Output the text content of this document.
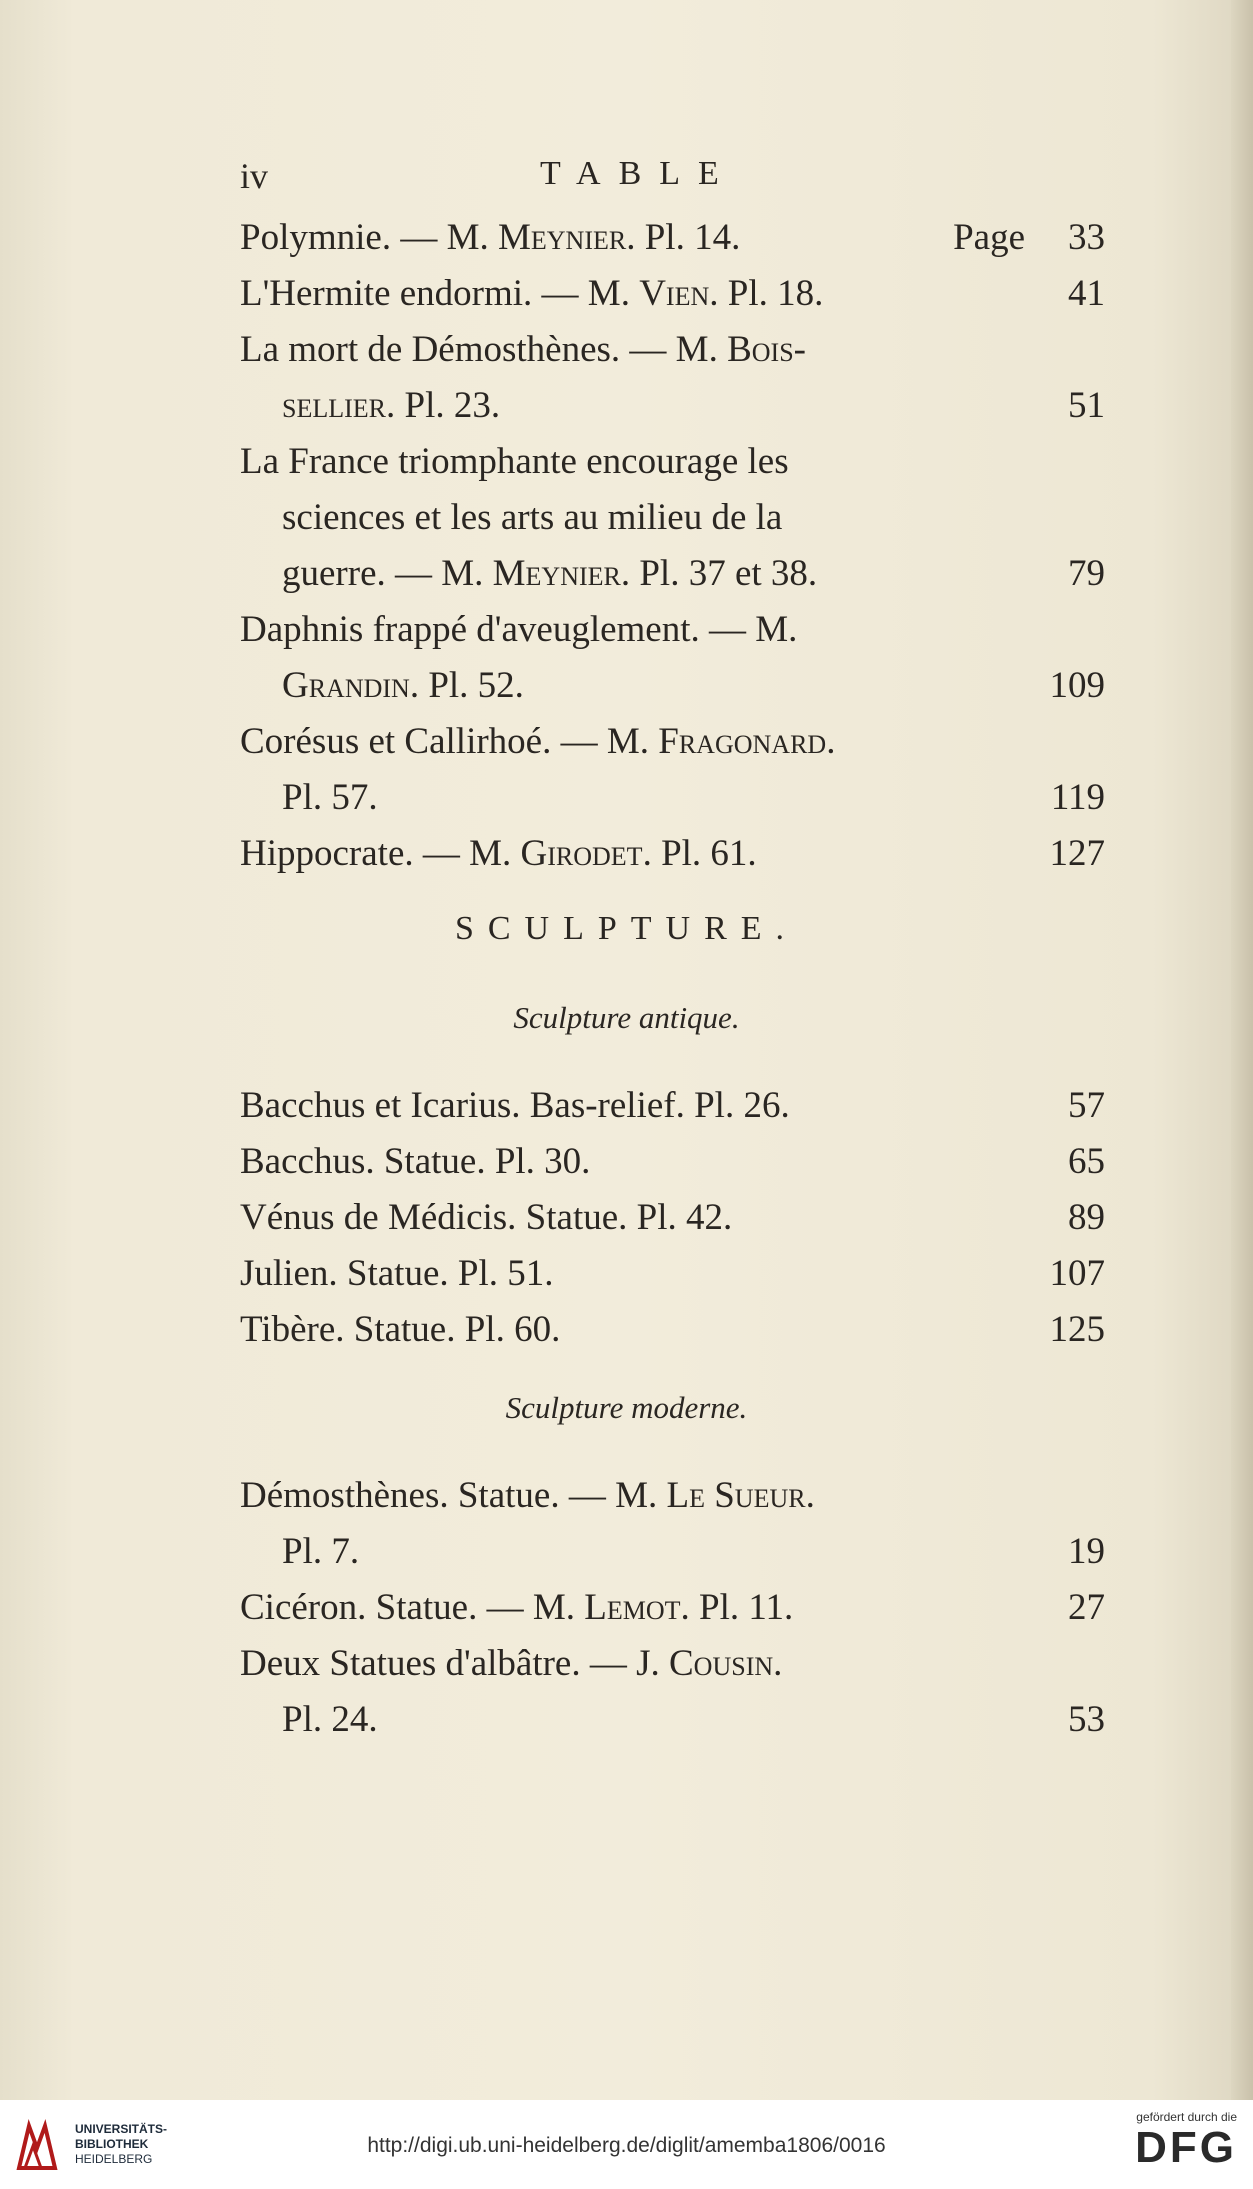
iv	TABLE
Polymnie. — M. Meynier. Pl. 14.	Page 33
L'Hermite endormi. — M. Vien. Pl. 18.	41
La mort de Démosthènes. — M. Bois-
sellier. Pl. 23.	51
La France triomphante encourage les
sciences et les arts au milieu de la
guerre. — M. Meynier. Pl. 37 et 38.	79
Daphnis frappé d'aveuglement. — M.
Grandin. Pl. 52.	109
Corésus et Callirhoé. — M. Fragonard.
Pl. 57.	119
Hippocrate. — M. Girodet. Pl. 61.	127
SCULPTURE.
Sculpture antique.
Bacchus et Icarius. Bas-relief. Pl. 26.	57
Bacchus. Statue. Pl. 30.	65
Vénus de Médicis. Statue. Pl. 42.	89
Julien. Statue. Pl. 51.	107
Tibère. Statue. Pl. 60.	125
Sculpture moderne.
Démosthènes. Statue. — M. Le Sueur.
Pl. 7.	19
Cicéron. Statue. — M. Lemot. Pl. 11.	27
Deux Statues d'albâtre. — J. Cousin.
Pl. 24.	53
UNIVERSITÄTS-
BIBLIOTHEK
HEIDELBERG
http://digi.ub.uni-heidelberg.de/diglit/amemba1806/0016
gefördert durch die
DFG
